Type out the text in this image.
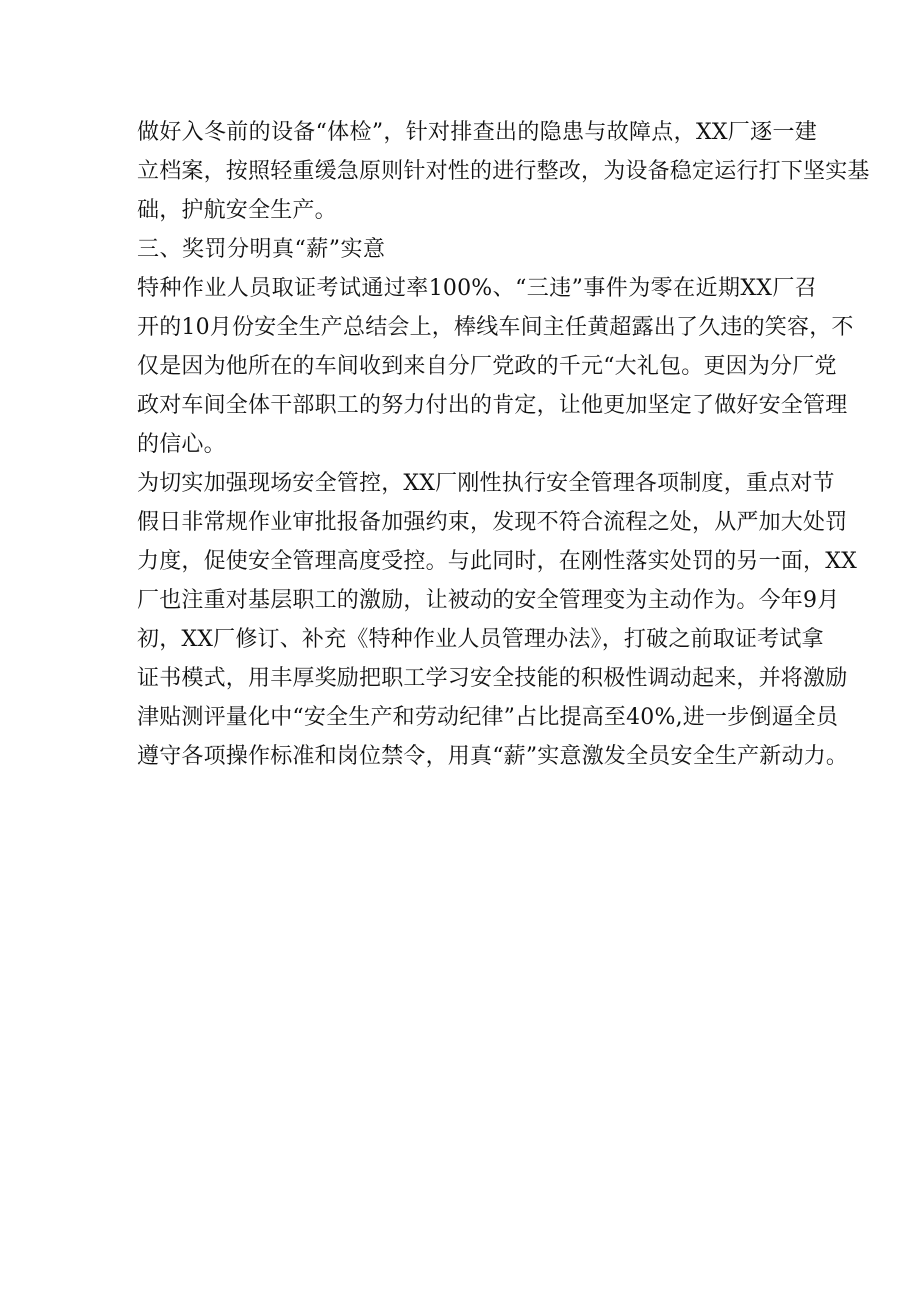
做好入冬前的设备“体检”，针对排查出的隐患与故障点，XX厂逐一建
立档案，按照轻重缓急原则针对性的进行整改，为设备稳定运行打下坚实基
础，护航安全生产。
三、奖罚分明真“薪”实意
特种作业人员取证考试通过率100%、“三违”事件为零在近期XX厂召
开的10月份安全生产总结会上，棒线车间主任黄超露出了久违的笑容，不
仅是因为他所在的车间收到来自分厂党政的千元“大礼包。更因为分厂党
政对车间全体干部职工的努力付出的肯定，让他更加坚定了做好安全管理
的信心。
为切实加强现场安全管控，XX厂刚性执行安全管理各项制度，重点对节
假日非常规作业审批报备加强约束，发现不符合流程之处，从严加大处罚
力度，促使安全管理高度受控。与此同时，在刚性落实处罚的另一面，XX
厂也注重对基层职工的激励，让被动的安全管理变为主动作为。今年9月
初，XX厂修订、补充《特种作业人员管理办法》，打破之前取证考试拿
证书模式，用丰厚奖励把职工学习安全技能的积极性调动起来，并将激励
津贴测评量化中“安全生产和劳动纪律”占比提高至40%,进一步倒逼全员
遵守各项操作标准和岗位禁令，用真“薪”实意激发全员安全生产新动力。
